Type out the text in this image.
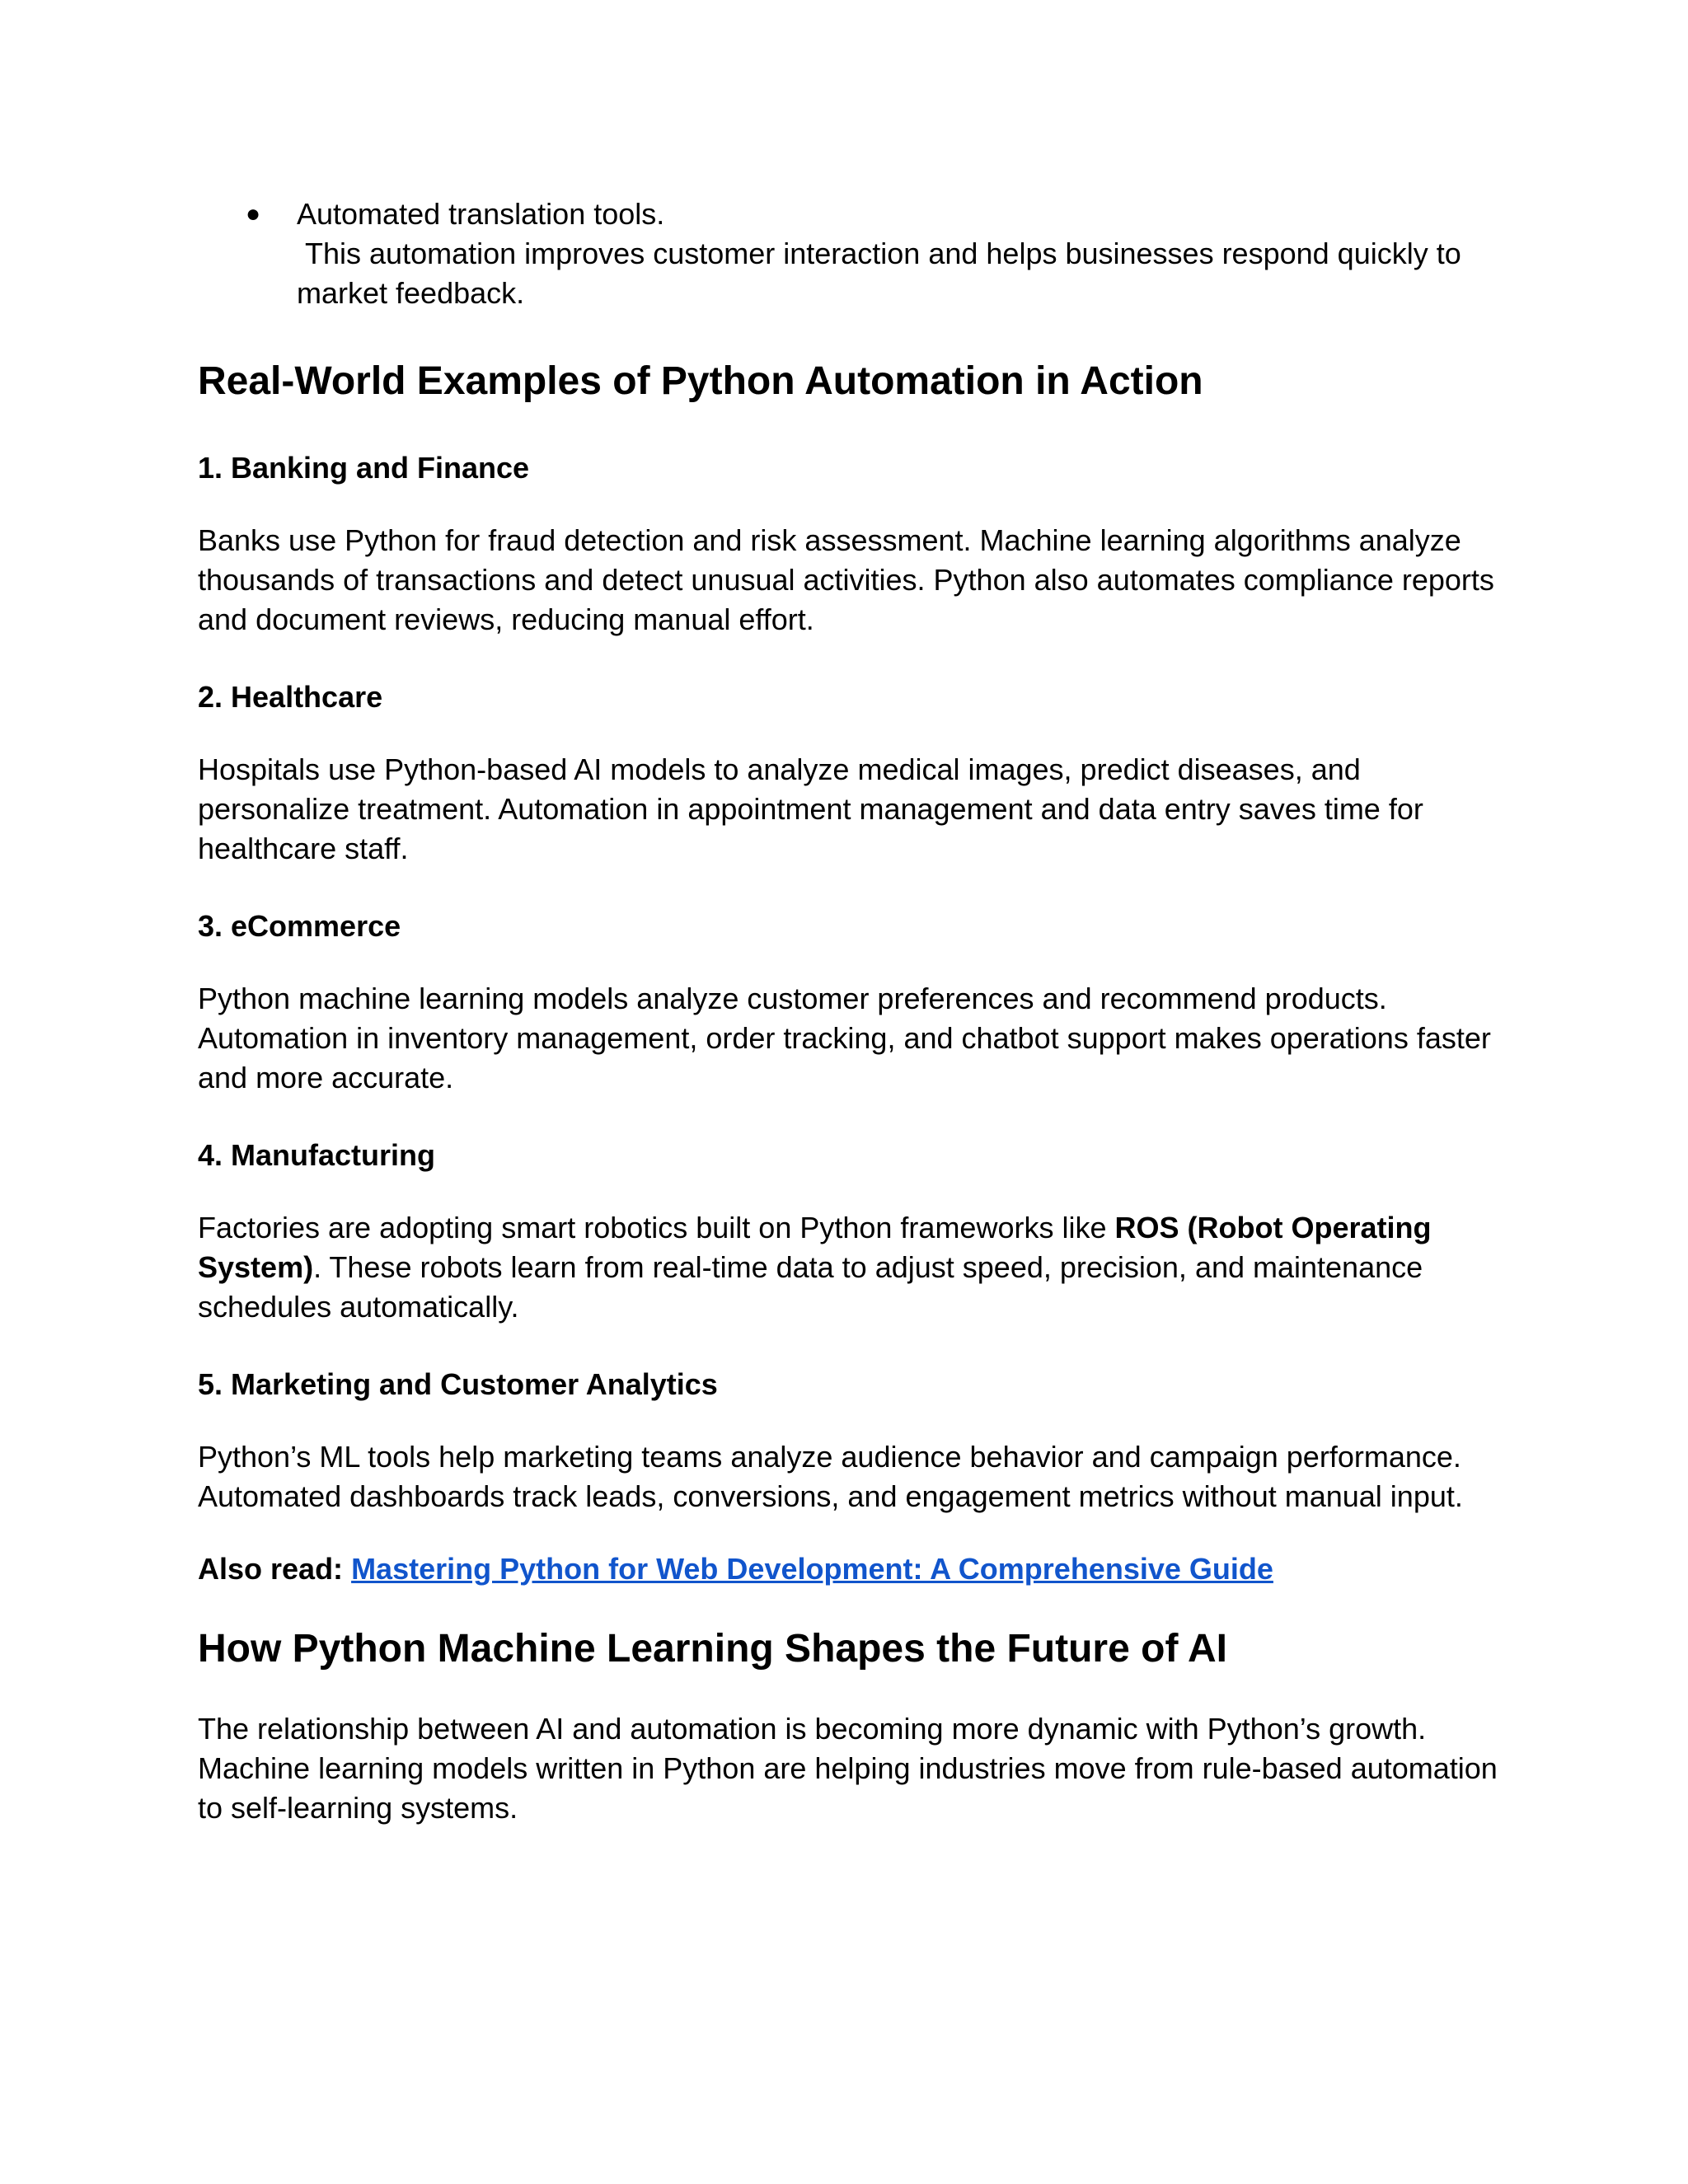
● Automated translation tools.
This automation improves customer interaction and helps businesses respond quickly to market feedback.
Real-World Examples of Python Automation in Action
1. Banking and Finance

Banks use Python for fraud detection and risk assessment. Machine learning algorithms analyze thousands of transactions and detect unusual activities. Python also automates compliance reports and document reviews, reducing manual effort.

2. Healthcare

Hospitals use Python-based AI models to analyze medical images, predict diseases, and personalize treatment. Automation in appointment management and data entry saves time for healthcare staff.

3. eCommerce

Python machine learning models analyze customer preferences and recommend products. Automation in inventory management, order tracking, and chatbot support makes operations faster and more accurate.

4. Manufacturing

Factories are adopting smart robotics built on Python frameworks like ROS (Robot Operating System). These robots learn from real-time data to adjust speed, precision, and maintenance schedules automatically.

5. Marketing and Customer Analytics

Python’s ML tools help marketing teams analyze audience behavior and campaign performance. Automated dashboards track leads, conversions, and engagement metrics without manual input.

Also read: Mastering Python for Web Development: A Comprehensive Guide

How Python Machine Learning Shapes the Future of AI

The relationship between AI and automation is becoming more dynamic with Python’s growth. Machine learning models written in Python are helping industries move from rule-based automation to self-learning systems.
